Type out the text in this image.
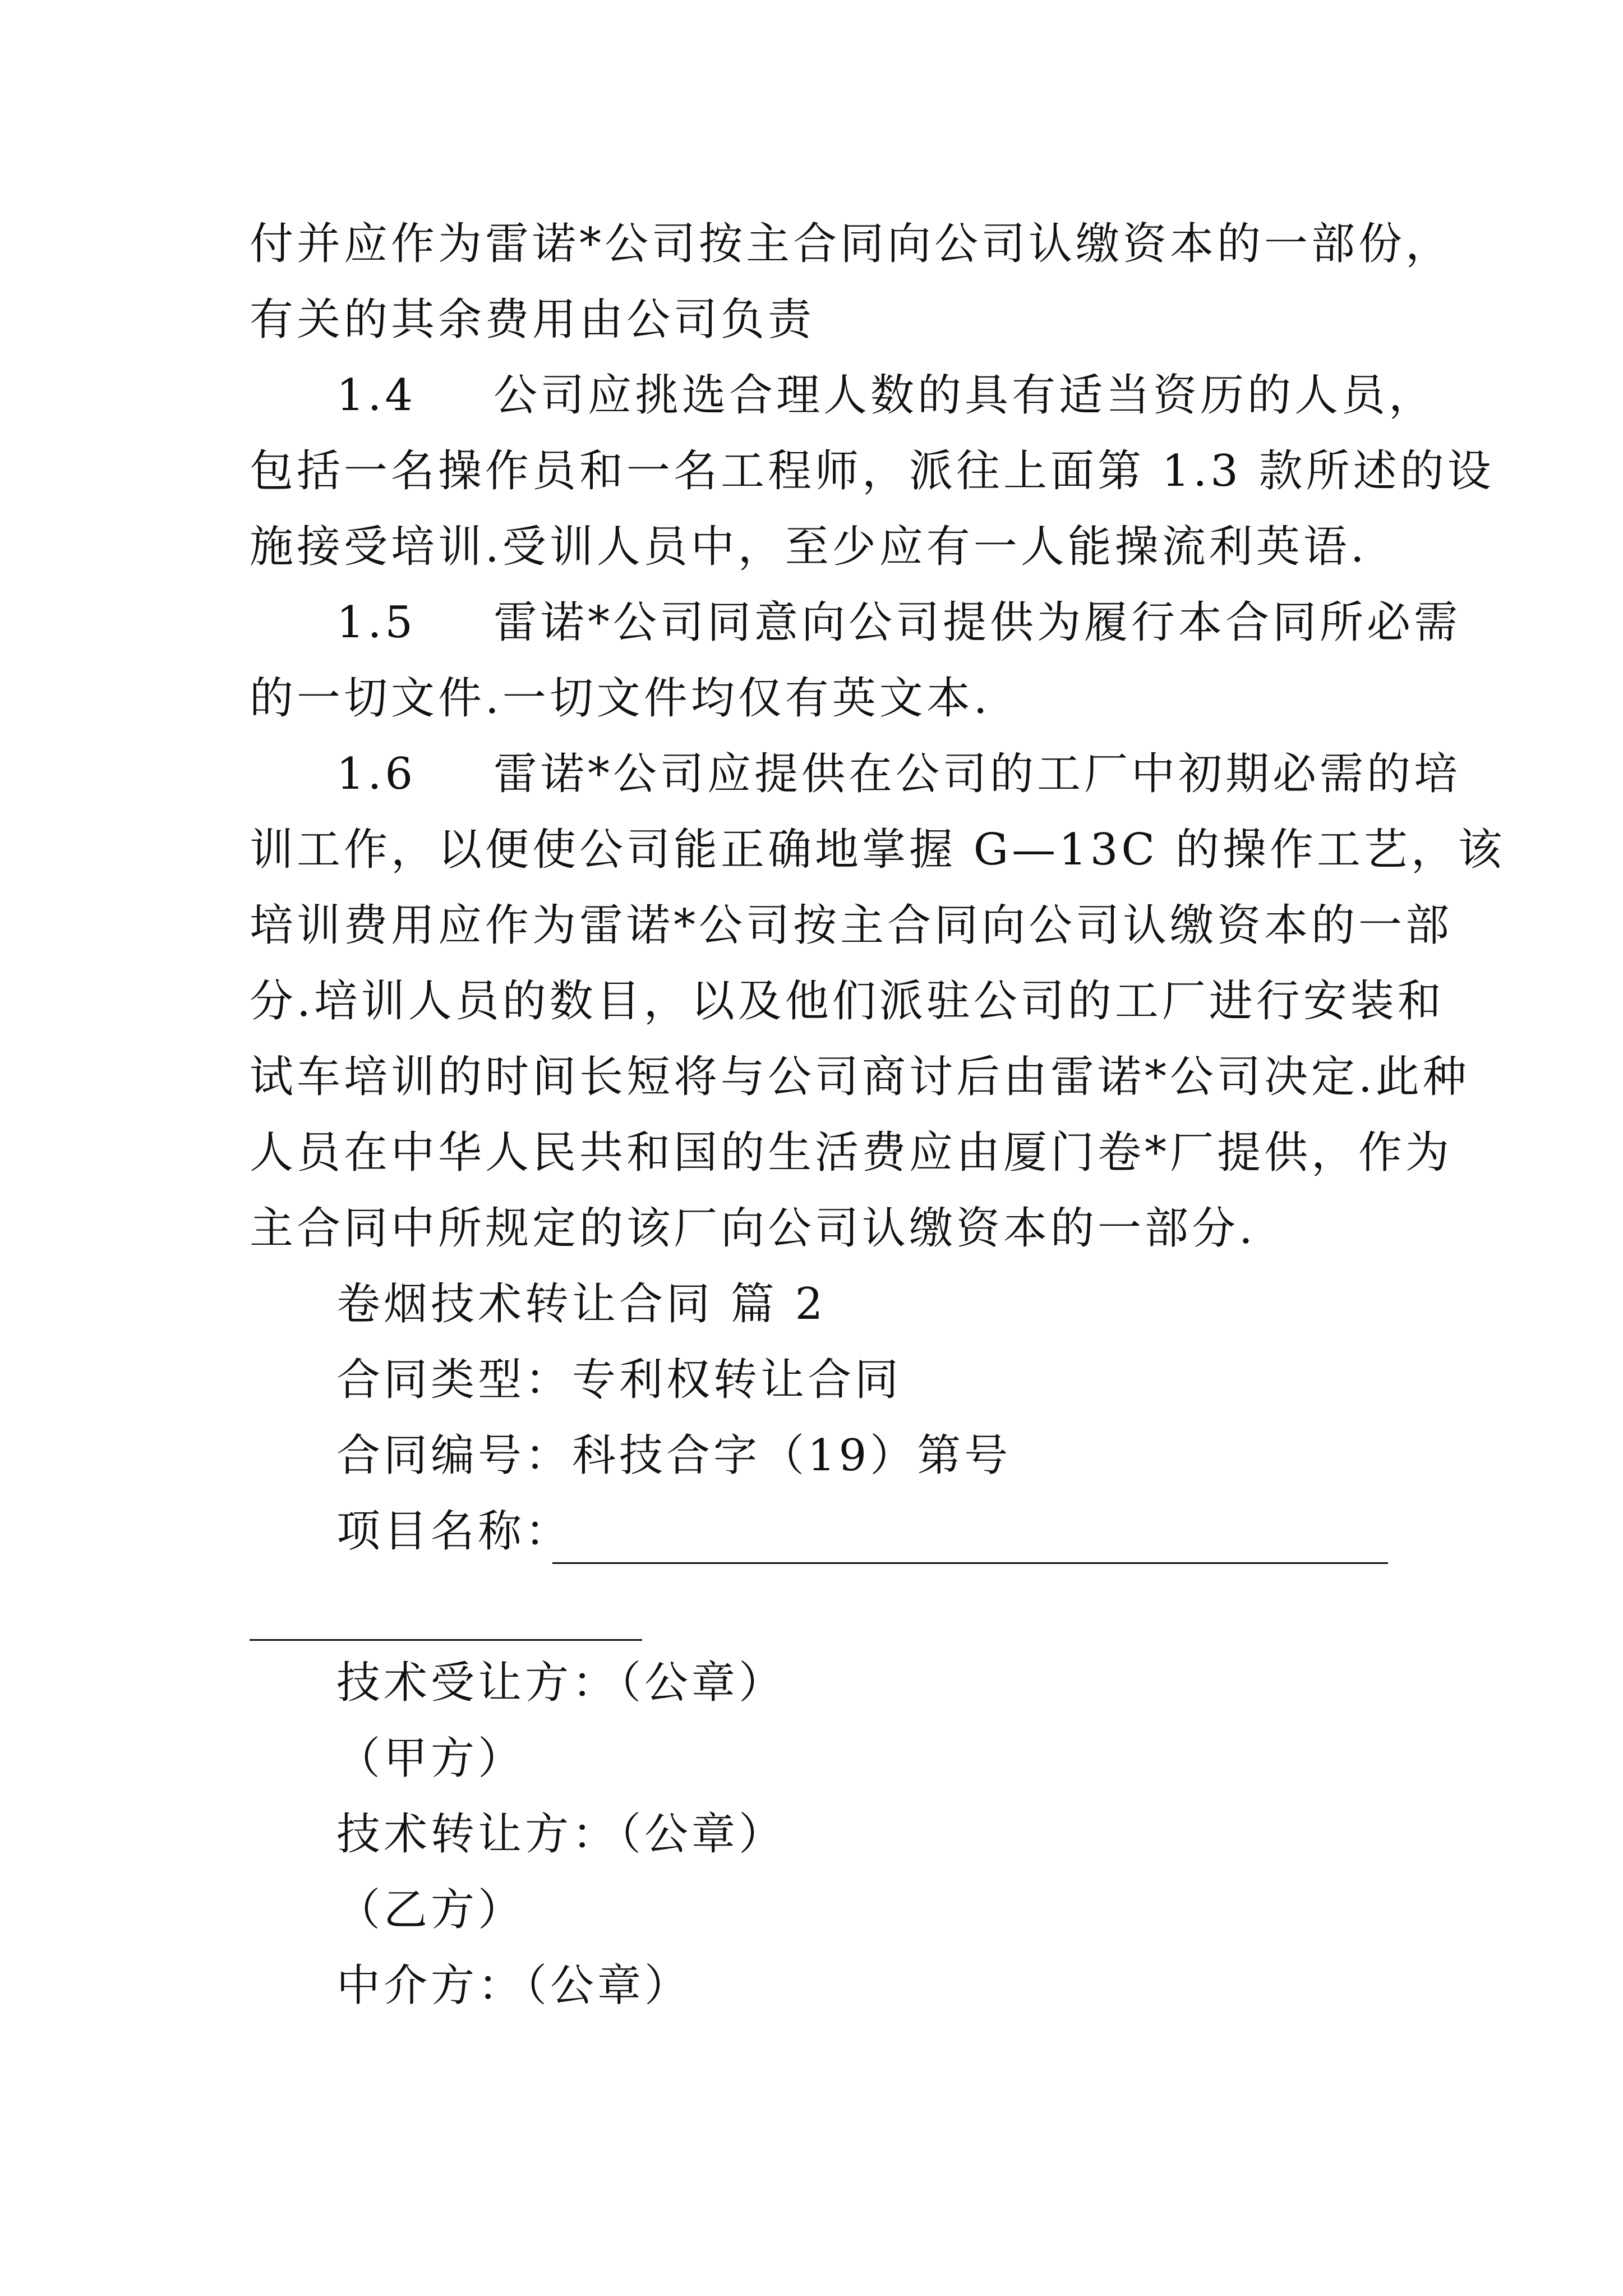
付并应作为雷诺*公司按主合同向公司认缴资本的一部份，
有关的其余费用由公司负责
1.4 公司应挑选合理人数的具有适当资历的人员，
包括一名操作员和一名工程师，派往上面第 1.3 款所述的设
施接受培训.受训人员中，至少应有一人能操流利英语.
1.5 雷诺*公司同意向公司提供为履行本合同所必需
的一切文件.一切文件均仅有英文本.
1.6 雷诺*公司应提供在公司的工厂中初期必需的培
训工作，以便使公司能正确地掌握 G—13C 的操作工艺，该
培训费用应作为雷诺*公司按主合同向公司认缴资本的一部
分.培训人员的数目，以及他们派驻公司的工厂进行安装和
试车培训的时间长短将与公司商讨后由雷诺*公司决定.此种
人员在中华人民共和国的生活费应由厦门卷*厂提供，作为
主合同中所规定的该厂向公司认缴资本的一部分.
卷烟技术转让合同 篇 2
合同类型：专利权转让合同
合同编号：科技合字（19）第号
项目名称：
技术受让方：（公章）
（甲方）
技术转让方：（公章）
（乙方）
中介方：（公章）
